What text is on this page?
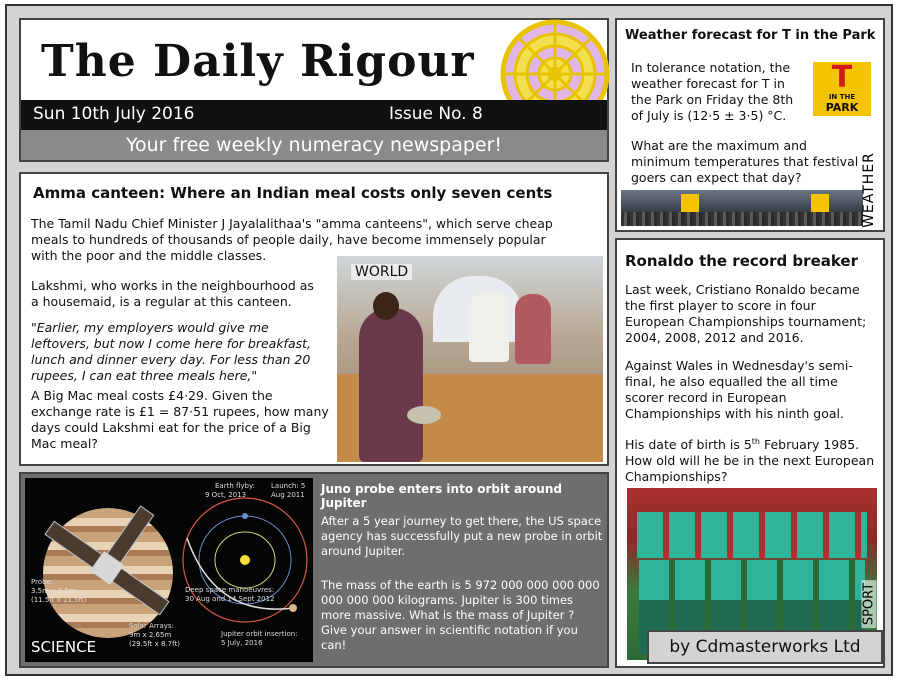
The Daily Rigour
Sun 10th July 2016	Issue No. 8
Your free weekly numeracy newspaper!
Weather forecast for T in the Park
In tolerance notation, the weather forecast for T in the Park on Friday the 8th of July is (12·5 ± 3·5) °C.
T
IN THE
PARK
What are the maximum and minimum temperatures that festival goers can expect that day?	WEATHER
Amma canteen: Where an Indian meal costs only seven cents
The Tamil Nadu Chief Minister J Jayalalithaa's "amma canteens", which serve cheap meals to hundreds of thousands of people daily, have become immensely popular with the poor and the middle classes.
Lakshmi, who works in the neighbourhood as a housemaid, is a regular at this canteen.
"Earlier, my employers would give me leftovers, but now I come here for breakfast, lunch and dinner every day. For less than 20 rupees, I can eat three meals here,"
A Big Mac meal costs £4·29. Given the exchange rate is £1 = 87·51 rupees, how many days could Lakshmi eat for the price of a Big Mac meal?
WORLD
Ronaldo the record breaker
Last week, Cristiano Ronaldo became the first player to score in four European Championships tournament; 2004, 2008, 2012 and 2016.
Against Wales in Wednesday's semi-final, he also equalled the all time scorer record in European Championships with his ninth goal.
His date of birth is 5th February 1985. How old will he be in the next European Championships?
SPORT
Earth flyby:
9 Oct, 2013
Launch: 5
Aug 2011
Probe:
3.5m x 3.5m
(11.5ft x 11.5ft)
Deep space manoeuvres:
30 Aug and 14 Sept 2012
Solar Arrays:
9m x 2.65m
(29.5ft x 8.7ft)
Jupiter orbit insertion:
5 July, 2016
SCIENCE
Juno probe enters into orbit around Jupiter
After a 5 year journey to get there, the US space agency has successfully put a new probe in orbit around Jupiter.
The mass of the earth is 5 972 000 000 000 000 000 000 000 kilograms. Jupiter is 300 times more massive. What is the mass of Jupiter ? Give your answer in scientific notation if you can!	by Cdmasterworks Ltd
